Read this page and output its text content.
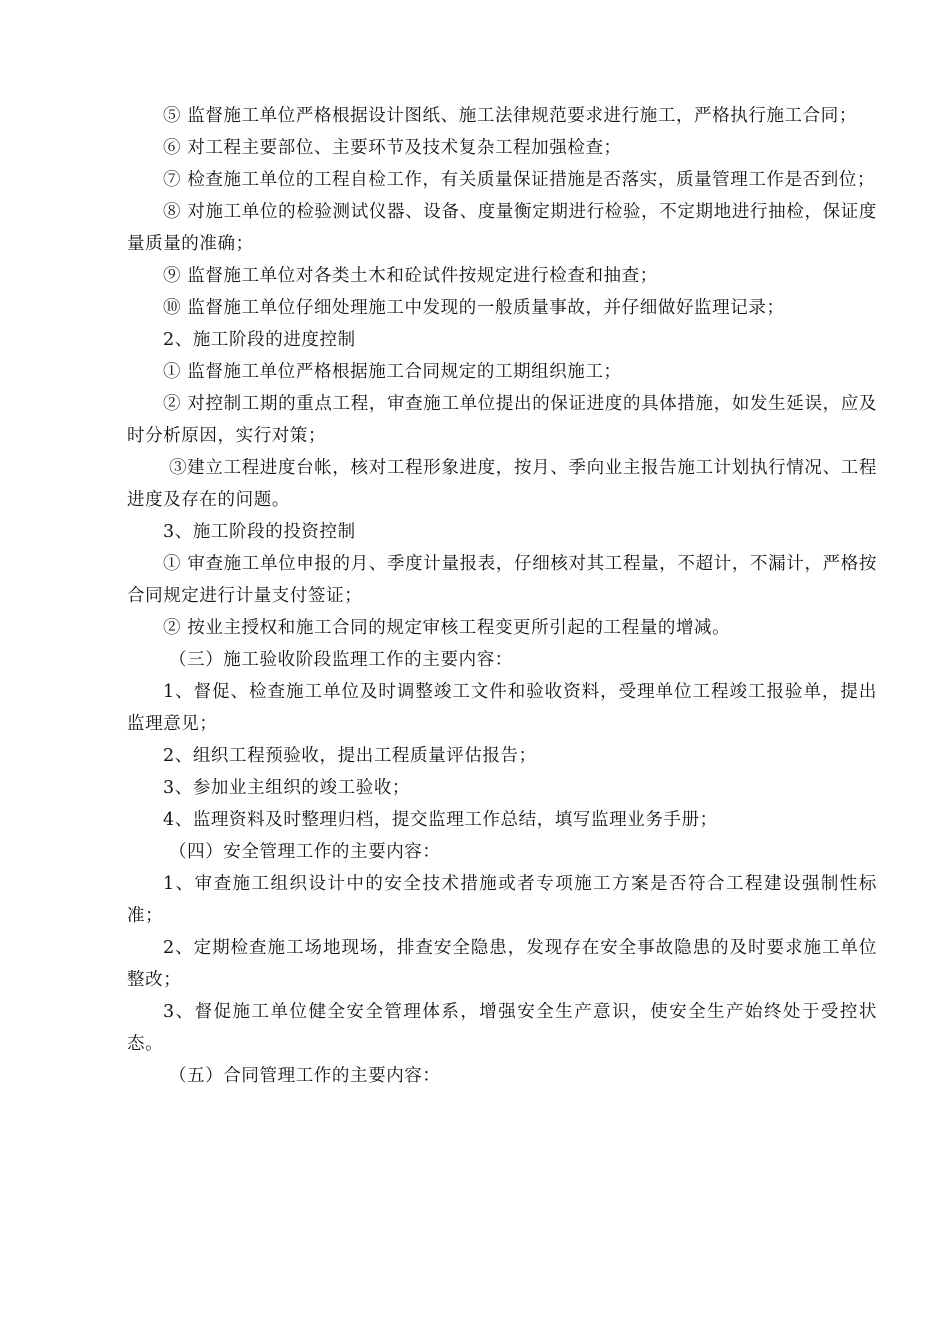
⑤ 监督施工单位严格根据设计图纸、施工法律规范要求进行施工，严格执行施工合同；

⑥ 对工程主要部位、主要环节及技术复杂工程加强检查；

⑦ 检查施工单位的工程自检工作，有关质量保证措施是否落实，质量管理工作是否到位；

⑧ 对施工单位的检验测试仪器、设备、度量衡定期进行检验，不定期地进行抽检，保证度量质量的准确；

⑨ 监督施工单位对各类土木和砼试件按规定进行检查和抽查；

⑩ 监督施工单位仔细处理施工中发现的一般质量事故，并仔细做好监理记录；

2、施工阶段的进度控制

① 监督施工单位严格根据施工合同规定的工期组织施工；

② 对控制工期的重点工程，审查施工单位提出的保证进度的具体措施，如发生延误，应及时分析原因，实行对策；

③建立工程进度台帐，核对工程形象进度，按月、季向业主报告施工计划执行情况、工程进度及存在的问题。

3、施工阶段的投资控制

① 审查施工单位申报的月、季度计量报表，仔细核对其工程量，不超计，不漏计，严格按合同规定进行计量支付签证；

② 按业主授权和施工合同的规定审核工程变更所引起的工程量的增减。

（三）施工验收阶段监理工作的主要内容：

1、督促、检查施工单位及时调整竣工文件和验收资料，受理单位工程竣工报验单，提出监理意见；

2、组织工程预验收，提出工程质量评估报告；

3、参加业主组织的竣工验收；

4、监理资料及时整理归档，提交监理工作总结，填写监理业务手册；

（四）安全管理工作的主要内容：

1、审查施工组织设计中的安全技术措施或者专项施工方案是否符合工程建设强制性标准；

2、定期检查施工场地现场，排查安全隐患，发现存在安全事故隐患的及时要求施工单位整改；

3、督促施工单位健全安全管理体系，增强安全生产意识，使安全生产始终处于受控状态。

（五）合同管理工作的主要内容：
